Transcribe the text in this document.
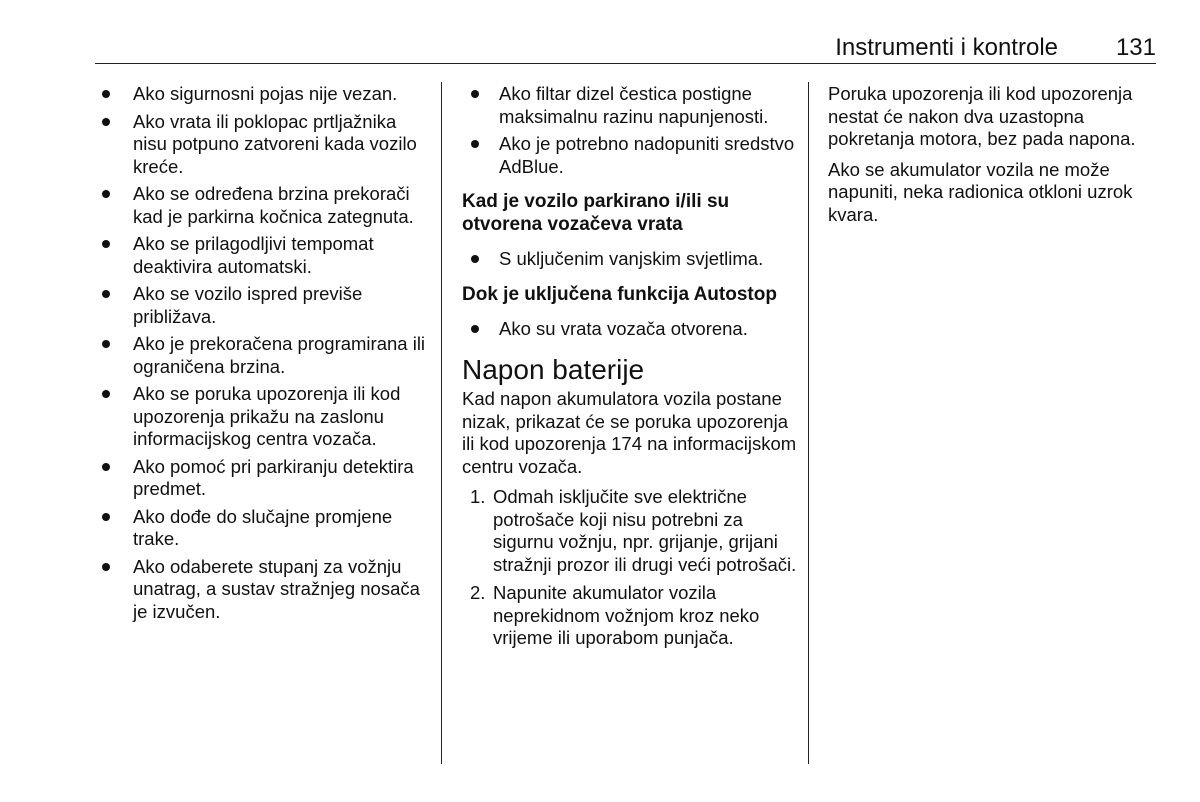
Instrumenti i kontrole 131
Ako sigurnosni pojas nije vezan.
Ako vrata ili poklopac prtljažnika nisu potpuno zatvoreni kada vozilo kreće.
Ako se određena brzina prekorači kad je parkirna kočnica zategnuta.
Ako se prilagodljivi tempomat deaktivira automatski.
Ako se vozilo ispred previše približava.
Ako je prekoračena programirana ili ograničena brzina.
Ako se poruka upozorenja ili kod upozorenja prikažu na zaslonu informacijskog centra vozača.
Ako pomoć pri parkiranju detektira predmet.
Ako dođe do slučajne promjene trake.
Ako odaberete stupanj za vožnju unatrag, a sustav stražnjeg nosača je izvučen.
Ako filtar dizel čestica postigne maksimalnu razinu napunjenosti.
Ako je potrebno nadopuniti sredstvo AdBlue.
Kad je vozilo parkirano i/ili su otvorena vozačeva vrata
S uključenim vanjskim svjetlima.
Dok je uključena funkcija Autostop
Ako su vrata vozača otvorena.
Napon baterije

Kad napon akumulatora vozila postane nizak, prikazat će se poruka upozorenja ili kod upozorenja 174 na informacijskom centru vozača.

1. Odmah isključite sve električne potrošače koji nisu potrebni za sigurnu vožnju, npr. grijanje, grijani stražnji prozor ili drugi veći potrošači.
2. Napunite akumulator vozila neprekidnom vožnjom kroz neko vrijeme ili uporabom punjača.

Poruka upozorenja ili kod upozorenja nestat će nakon dva uzastopna pokretanja motora, bez pada napona.

Ako se akumulator vozila ne može napuniti, neka radionica otkloni uzrok kvara.
